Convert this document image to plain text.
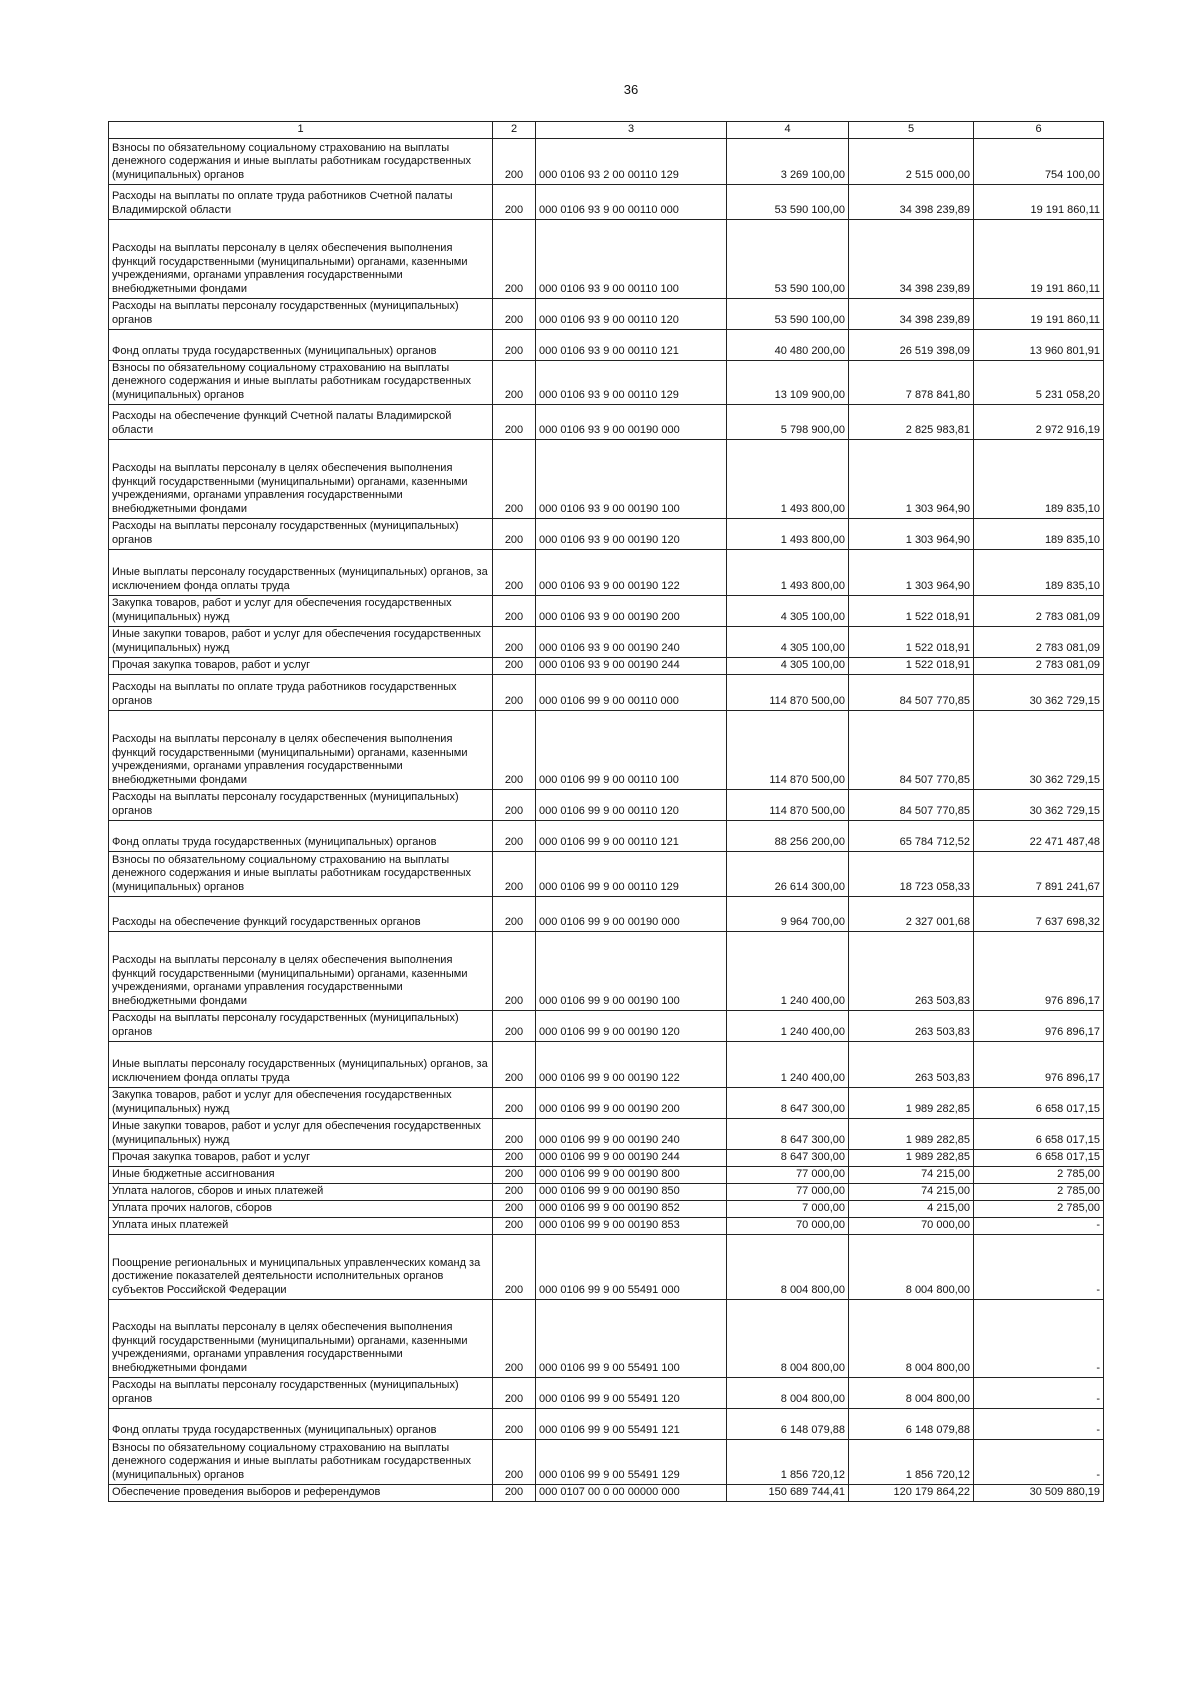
36
1	2	3	4	5	6
Взносы по обязательному социальному страхованию на выплаты денежного содержания и иные выплаты работникам государственных (муниципальных) органов	200	000 0106 93 2 00 00110 129	3 269 100,00	2 515 000,00	754 100,00
Расходы на выплаты по оплате труда работников Счетной палаты Владимирской области	200	000 0106 93 9 00 00110 000	53 590 100,00	34 398 239,89	19 191 860,11
Расходы на выплаты персоналу в целях обеспечения выполнения функций государственными (муниципальными) органами, казенными учреждениями, органами управления государственными внебюджетными фондами	200	000 0106 93 9 00 00110 100	53 590 100,00	34 398 239,89	19 191 860,11
Расходы на выплаты персоналу государственных (муниципальных) органов	200	000 0106 93 9 00 00110 120	53 590 100,00	34 398 239,89	19 191 860,11
Фонд оплаты труда государственных (муниципальных) органов	200	000 0106 93 9 00 00110 121	40 480 200,00	26 519 398,09	13 960 801,91
Взносы по обязательному социальному страхованию на выплаты денежного содержания и иные выплаты работникам государственных (муниципальных) органов	200	000 0106 93 9 00 00110 129	13 109 900,00	7 878 841,80	5 231 058,20
Расходы на обеспечение функций Счетной палаты Владимирской области	200	000 0106 93 9 00 00190 000	5 798 900,00	2 825 983,81	2 972 916,19
Расходы на выплаты персоналу в целях обеспечения выполнения функций государственными (муниципальными) органами, казенными учреждениями, органами управления государственными внебюджетными фондами	200	000 0106 93 9 00 00190 100	1 493 800,00	1 303 964,90	189 835,10
Расходы на выплаты персоналу государственных (муниципальных) органов	200	000 0106 93 9 00 00190 120	1 493 800,00	1 303 964,90	189 835,10
Иные выплаты персоналу государственных (муниципальных) органов, за исключением фонда оплаты труда	200	000 0106 93 9 00 00190 122	1 493 800,00	1 303 964,90	189 835,10
Закупка товаров, работ и услуг для обеспечения государственных (муниципальных) нужд	200	000 0106 93 9 00 00190 200	4 305 100,00	1 522 018,91	2 783 081,09
Иные закупки товаров, работ и услуг для обеспечения государственных (муниципальных) нужд	200	000 0106 93 9 00 00190 240	4 305 100,00	1 522 018,91	2 783 081,09
Прочая закупка товаров, работ и услуг	200	000 0106 93 9 00 00190 244	4 305 100,00	1 522 018,91	2 783 081,09
Расходы на выплаты по оплате труда работников государственных органов	200	000 0106 99 9 00 00110 000	114 870 500,00	84 507 770,85	30 362 729,15
Расходы на выплаты персоналу в целях обеспечения выполнения функций государственными (муниципальными) органами, казенными учреждениями, органами управления государственными внебюджетными фондами	200	000 0106 99 9 00 00110 100	114 870 500,00	84 507 770,85	30 362 729,15
Расходы на выплаты персоналу государственных (муниципальных) органов	200	000 0106 99 9 00 00110 120	114 870 500,00	84 507 770,85	30 362 729,15
Фонд оплаты труда государственных (муниципальных) органов	200	000 0106 99 9 00 00110 121	88 256 200,00	65 784 712,52	22 471 487,48
Взносы по обязательному социальному страхованию на выплаты денежного содержания и иные выплаты работникам государственных (муниципальных) органов	200	000 0106 99 9 00 00110 129	26 614 300,00	18 723 058,33	7 891 241,67
Расходы на обеспечение функций государственных органов	200	000 0106 99 9 00 00190 000	9 964 700,00	2 327 001,68	7 637 698,32
Расходы на выплаты персоналу в целях обеспечения выполнения функций государственными (муниципальными) органами, казенными учреждениями, органами управления государственными внебюджетными фондами	200	000 0106 99 9 00 00190 100	1 240 400,00	263 503,83	976 896,17
Расходы на выплаты персоналу государственных (муниципальных) органов	200	000 0106 99 9 00 00190 120	1 240 400,00	263 503,83	976 896,17
Иные выплаты персоналу государственных (муниципальных) органов, за исключением фонда оплаты труда	200	000 0106 99 9 00 00190 122	1 240 400,00	263 503,83	976 896,17
Закупка товаров, работ и услуг для обеспечения государственных (муниципальных) нужд	200	000 0106 99 9 00 00190 200	8 647 300,00	1 989 282,85	6 658 017,15
Иные закупки товаров, работ и услуг для обеспечения государственных (муниципальных) нужд	200	000 0106 99 9 00 00190 240	8 647 300,00	1 989 282,85	6 658 017,15
Прочая закупка товаров, работ и услуг	200	000 0106 99 9 00 00190 244	8 647 300,00	1 989 282,85	6 658 017,15
Иные бюджетные ассигнования	200	000 0106 99 9 00 00190 800	77 000,00	74 215,00	2 785,00
Уплата налогов, сборов и иных платежей	200	000 0106 99 9 00 00190 850	77 000,00	74 215,00	2 785,00
Уплата прочих налогов, сборов	200	000 0106 99 9 00 00190 852	7 000,00	4 215,00	2 785,00
Уплата иных платежей	200	000 0106 99 9 00 00190 853	70 000,00	70 000,00	-
Поощрение региональных и муниципальных управленческих команд за достижение показателей деятельности исполнительных органов субъектов Российской Федерации	200	000 0106 99 9 00 55491 000	8 004 800,00	8 004 800,00	-
Расходы на выплаты персоналу в целях обеспечения выполнения функций государственными (муниципальными) органами, казенными учреждениями, органами управления государственными внебюджетными фондами	200	000 0106 99 9 00 55491 100	8 004 800,00	8 004 800,00	-
Расходы на выплаты персоналу государственных (муниципальных) органов	200	000 0106 99 9 00 55491 120	8 004 800,00	8 004 800,00	-
Фонд оплаты труда государственных (муниципальных) органов	200	000 0106 99 9 00 55491 121	6 148 079,88	6 148 079,88	-
Взносы по обязательному социальному страхованию на выплаты денежного содержания и иные выплаты работникам государственных (муниципальных) органов	200	000 0106 99 9 00 55491 129	1 856 720,12	1 856 720,12	-
Обеспечение проведения выборов и референдумов	200	000 0107 00 0 00 00000 000	150 689 744,41	120 179 864,22	30 509 880,19
